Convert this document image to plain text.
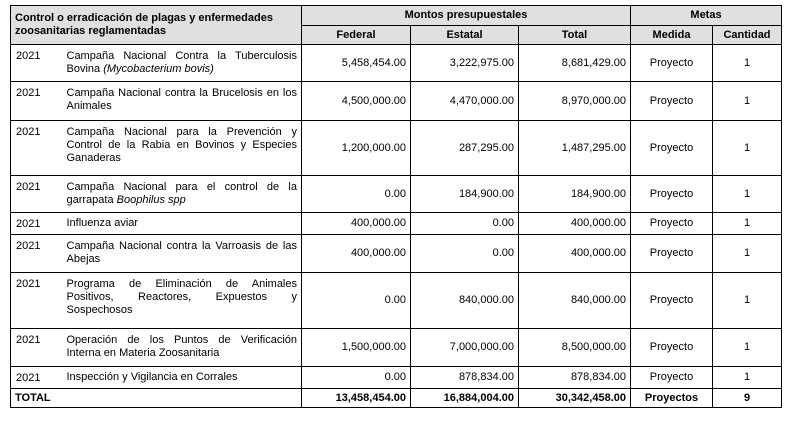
Control o erradicación de plagas y enfermedades zoosanitarias reglamentadas		Montos presupuestales			Metas	
		Federal	Estatal	Total	Medida	Cantidad
2021	Campaña Nacional Contra la Tuberculosis Bovina (Mycobacterium bovis)	5,458,454.00	3,222,975.00	8,681,429.00	Proyecto	1
2021	Campaña Nacional contra la Brucelosis en los Animales	4,500,000.00	4,470,000.00	8,970,000.00	Proyecto	1
2021	Campaña Nacional para la Prevención y Control de la Rabia en Bovinos y Especies Ganaderas	1,200,000.00	287,295.00	1,487,295.00	Proyecto	1
2021	Campaña Nacional para el control de la garrapata Boophilus spp	0.00	184,900.00	184,900.00	Proyecto	1
2021	Influenza aviar	400,000.00	0.00	400,000.00	Proyecto	1
2021	Campaña Nacional contra la Varroasis de las Abejas	400,000.00	0.00	400,000.00	Proyecto	1
2021	Programa de Eliminación de Animales Positivos, Reactores, Expuestos y Sospechosos	0.00	840,000.00	840,000.00	Proyecto	1
2021	Operación de los Puntos de Verificación Interna en Materia Zoosanitaria	1,500,000.00	7,000,000.00	8,500,000.00	Proyecto	1
2021	Inspección y Vigilancia en Corrales	0.00	878,834.00	878,834.00	Proyecto	1
TOTAL		13,458,454.00	16,884,004.00	30,342,458.00	Proyectos	9
